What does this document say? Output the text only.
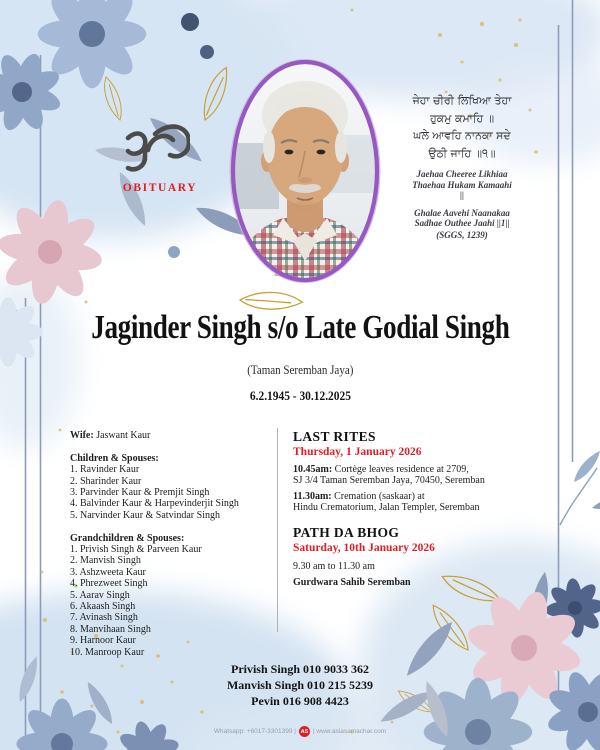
OBITUARY
ਜੇਹਾ ਚੀਰੀ ਲਿਖਿਆ ਤੇਹਾ
ਹੁਕਮੁ ਕਮਾਹਿ ॥
ਘਲੇ ਆਵਹਿ ਨਾਨਕਾ ਸਦੇ
ਉਠੀ ਜਾਹਿ ॥੧॥
Jaehaa Cheeree Likhiaa Thaehaa Hukam Kamaahi ||
Ghalae Aavehi Naanakaa Sadhae Outhee Jaahi ||1||
(SGGS, 1239)
Jaginder Singh s/o Late Godial Singh
(Taman Seremban Jaya)
6.2.1945 - 30.12.2025
Wife: Jaswant Kaur
Children & Spouses:
1. Ravinder Kaur
2. Sharinder Kaur
3. Parvinder Kaur & Premjit Singh
4. Balvinder Kaur & Harpevinderjit Singh
5. Narvinder Kaur & Satvindar Singh
Grandchildren & Spouses:
1. Privish Singh & Parveen Kaur
2. Manvish Singh
3. Ashzweeta Kaur
4. Phrezweet Singh
5. Aarav Singh
6. Akaash Singh
7. Avinash Singh
8. Manvihaan Singh
9. Harnoor Kaur
10. Manroop Kaur
LAST RITES
Thursday, 1 January 2026
10.45am: Cortège leaves residence at 2709,
SJ 3/4 Taman Seremban Jaya, 70450, Seremban
11.30am: Cremation (saskaar) at
Hindu Crematorium, Jalan Templer, Seremban
PATH DA BHOG
Saturday, 10th January 2026
9.30 am to 11.30 am
Gurdwara Sahib Seremban
Privish Singh 010 9033 362
Manvish Singh 010 215 5239
Pevin 016 908 4423
Whatsapp: +6017-3301399 | AS | www.asiasamachar.com
